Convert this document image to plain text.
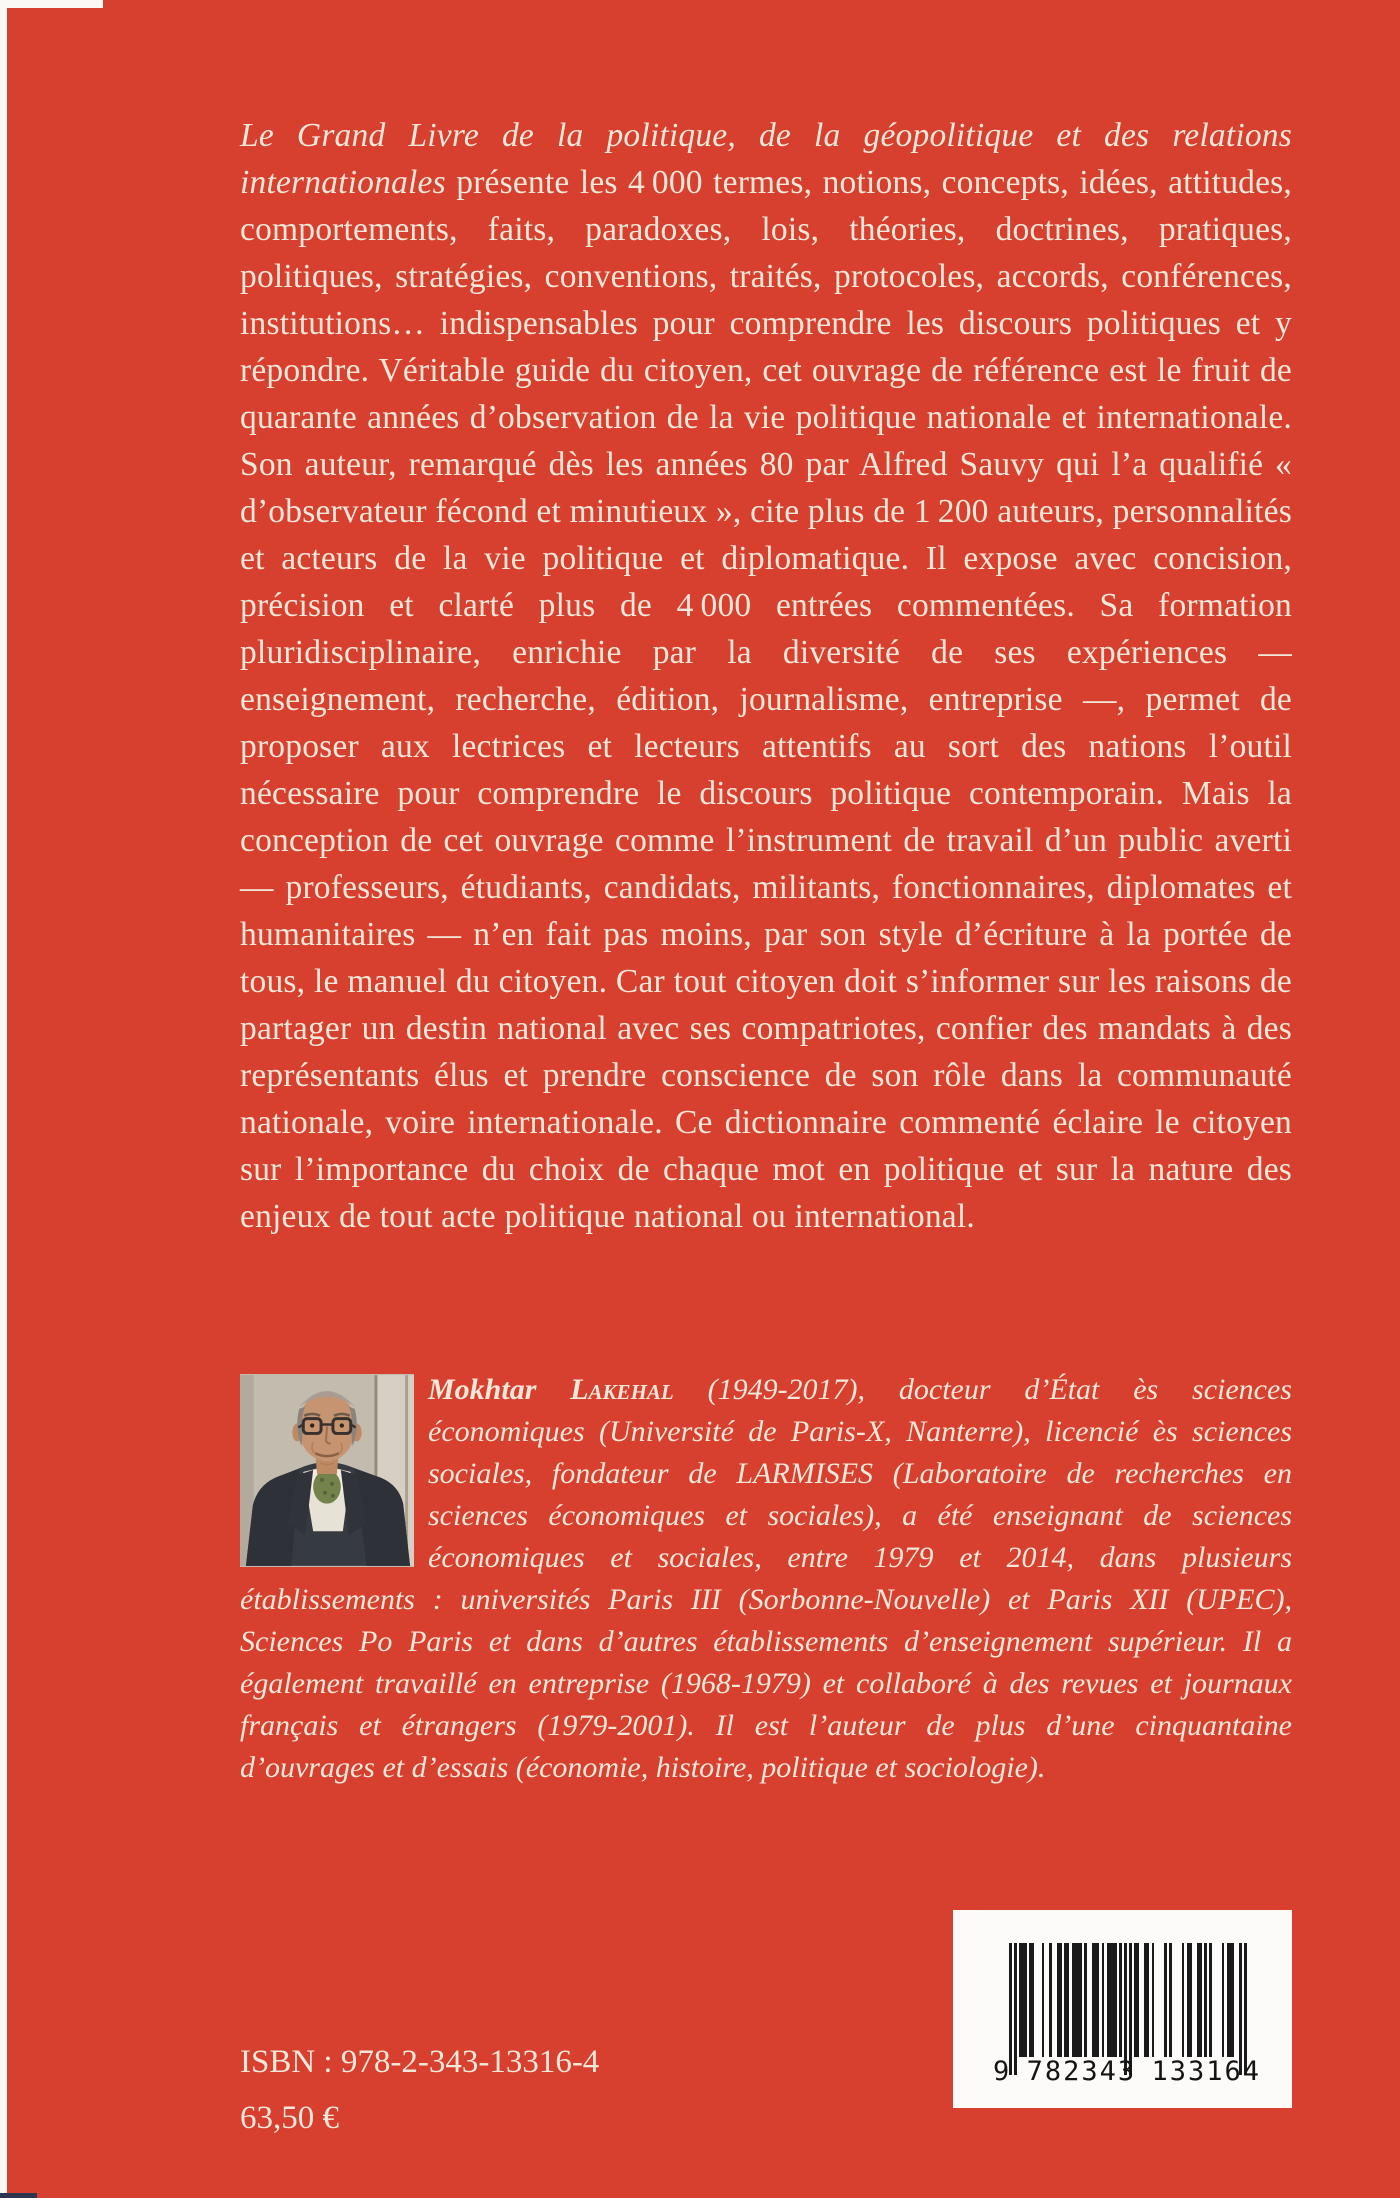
Le Grand Livre de la politique, de la géopolitique et des relations internationales présente les 4 000 termes, notions, concepts, idées, attitudes, comportements, faits, paradoxes, lois, théories, doctrines, pratiques, politiques, stratégies, conventions, traités, protocoles, accords, conférences, institutions… indispensables pour comprendre les discours politiques et y répondre. Véritable guide du citoyen, cet ouvrage de référence est le fruit de quarante années d’observation de la vie politique nationale et internationale. Son auteur, remarqué dès les années 80 par Alfred Sauvy qui l’a qualifié « d’observateur fécond et minutieux », cite plus de 1 200 auteurs, personnalités et acteurs de la vie politique et diplomatique. Il expose avec concision, précision et clarté plus de 4 000 entrées commentées. Sa formation pluridisciplinaire, enrichie par la diversité de ses expériences — enseignement, recherche, édition, journalisme, entreprise —, permet de proposer aux lectrices et lecteurs attentifs au sort des nations l’outil nécessaire pour comprendre le discours politique contemporain. Mais la conception de cet ouvrage comme l’instrument de travail d’un public averti — professeurs, étudiants, candidats, militants, fonctionnaires, diplomates et humanitaires — n’en fait pas moins, par son style d’écriture à la portée de tous, le manuel du citoyen. Car tout citoyen doit s’informer sur les raisons de partager un destin national avec ses compatriotes, confier des mandats à des représentants élus et prendre conscience de son rôle dans la communauté nationale, voire internationale. Ce dictionnaire commenté éclaire le citoyen sur l’importance du choix de chaque mot en politique et sur la nature des enjeux de tout acte politique national ou international.

Mokhtar Lakehal (1949-2017), docteur d’État ès sciences économiques (Université de Paris-X, Nanterre), licencié ès sciences sociales, fondateur de LARMISES (Laboratoire de recherches en sciences économiques et sociales), a été enseignant de sciences économiques et sociales, entre 1979 et 2014, dans plusieurs établissements : universités Paris III (Sorbonne-Nouvelle) et Paris XII (UPEC), Sciences Po Paris et dans d’autres établissements d’enseignement supérieur. Il a également travaillé en entreprise (1968-1979) et collaboré à des revues et journaux français et étrangers (1979-2001). Il est l’auteur de plus d’une cinquantaine d’ouvrages et d’essais (économie, histoire, politique et sociologie).

ISBN : 978-2-343-13316-4
63,50 €
9 782343 133164
